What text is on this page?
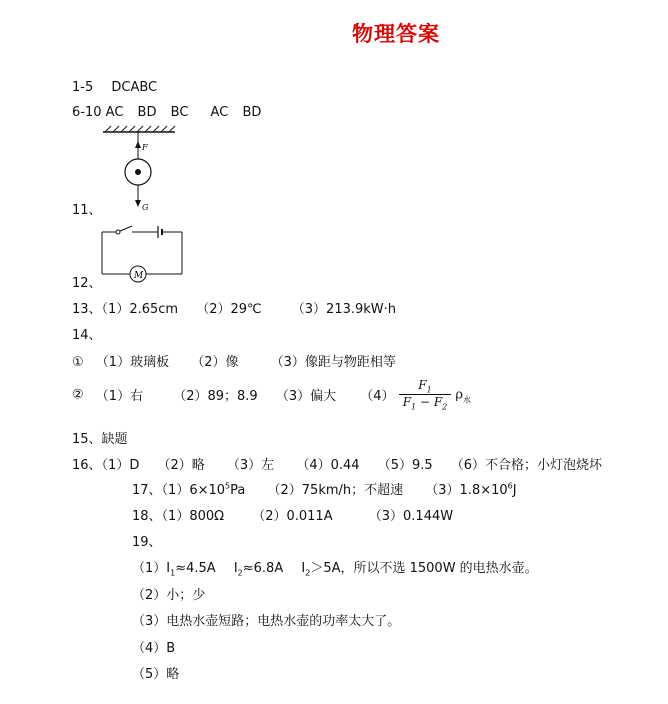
物理答案
1-5 DCABC
6-10 AC BD BC AC BD
F
G
11、
M
12、
13、（1）2.65cm （2）29℃ （3）213.9kW·h
14、
① （1）玻璃板 （2）像 （3）像距与物距相等
② （1）右 （2）89；8.9 （3）偏大 $(4) \frac{F_1}{F_1 - F_2} \rho_水$
15、缺题
16、（1）D （2）略 （3）左 （4）0.44 （5）9.5 （6）不合格；小灯泡烧坏
17、$(1)6\times 10^5Pa$ （2）75km/h；不超速 $(3)1.8\times 10^6J$
18、（1）800Ω （2）0.011A	（3）0.144W
19、
$(1)I_1\approx 4.5A$ $I_2\approx 6.8A$ $I_2>5A$，所以不选 1500W 的电热水壶。
（2）小；少
（3）电热水壶短路；电热水壶的功率太大了。
（4）B
（5）略
